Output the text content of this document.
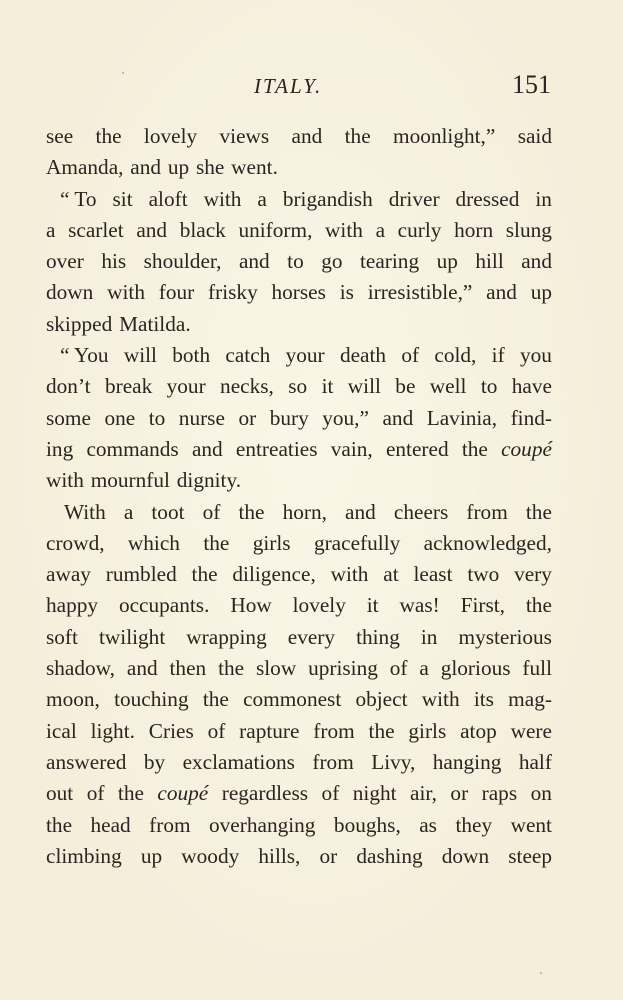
ITALY.	151
see the lovely views and the moonlight,” said
Amanda, and up she went.
“ To sit aloft with a brigandish driver dressed in
a scarlet and black uniform, with a curly horn slung
over his shoulder, and to go tearing up hill and
down with four frisky horses is irresistible,” and up
skipped Matilda.
“ You will both catch your death of cold, if you
don’t break your necks, so it will be well to have
some one to nurse or bury you,” and Lavinia, find-
ing commands and entreaties vain, entered the coupé
with mournful dignity.
With a toot of the horn, and cheers from the
crowd, which the girls gracefully acknowledged,
away rumbled the diligence, with at least two very
happy occupants. How lovely it was! First, the
soft twilight wrapping every thing in mysterious
shadow, and then the slow uprising of a glorious full
moon, touching the commonest object with its mag-
ical light. Cries of rapture from the girls atop were
answered by exclamations from Livy, hanging half
out of the coupé regardless of night air, or raps on
the head from overhanging boughs, as they went
climbing up woody hills, or dashing down steep
